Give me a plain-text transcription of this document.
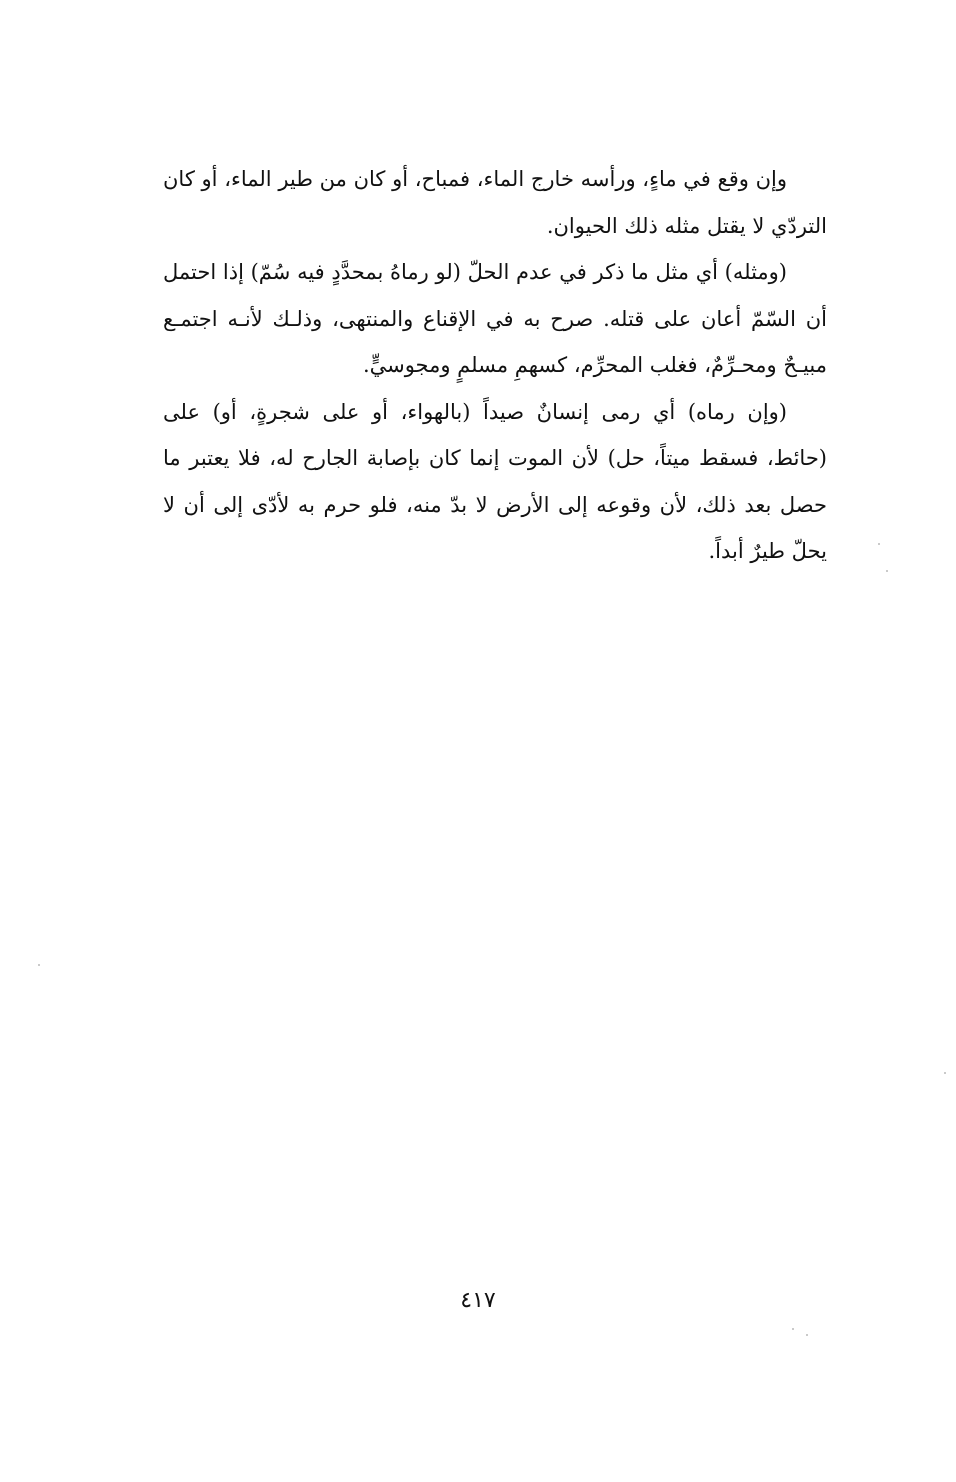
وإن وقع في ماءٍ، ورأسه خارج الماء، فمباح، أو كان من طير الماء، أو كان التردّي لا يقتل مثله ذلك الحيوان.

(ومثله) أي مثل ما ذكر في عدم الحلّ (لو رماهُ بمحدَّدٍ فيه سُمّ) إذا احتمل أن السّمّ أعان على قتله. صرح به في الإقناع والمنتهى، وذلـك لأنـه اجتمـع مبيـحٌ ومحـرِّمٌ، فغلب المحرِّم، كسهمِ مسلمٍ ومجوسيٍّ.

(وإن رماه) أي رمى إنسانٌ صيداً (بالهواء، أو على شجرةٍ، أو) على (حائط، فسقط ميتاً، حل) لأن الموت إنما كان بإصابة الجارح له، فلا يعتبر ما حصل بعد ذلك، لأن وقوعه إلى الأرض لا بدّ منه، فلو حرم به لأدّى إلى أن لا يحلّ طيرٌ أبداً.

٤١٧
